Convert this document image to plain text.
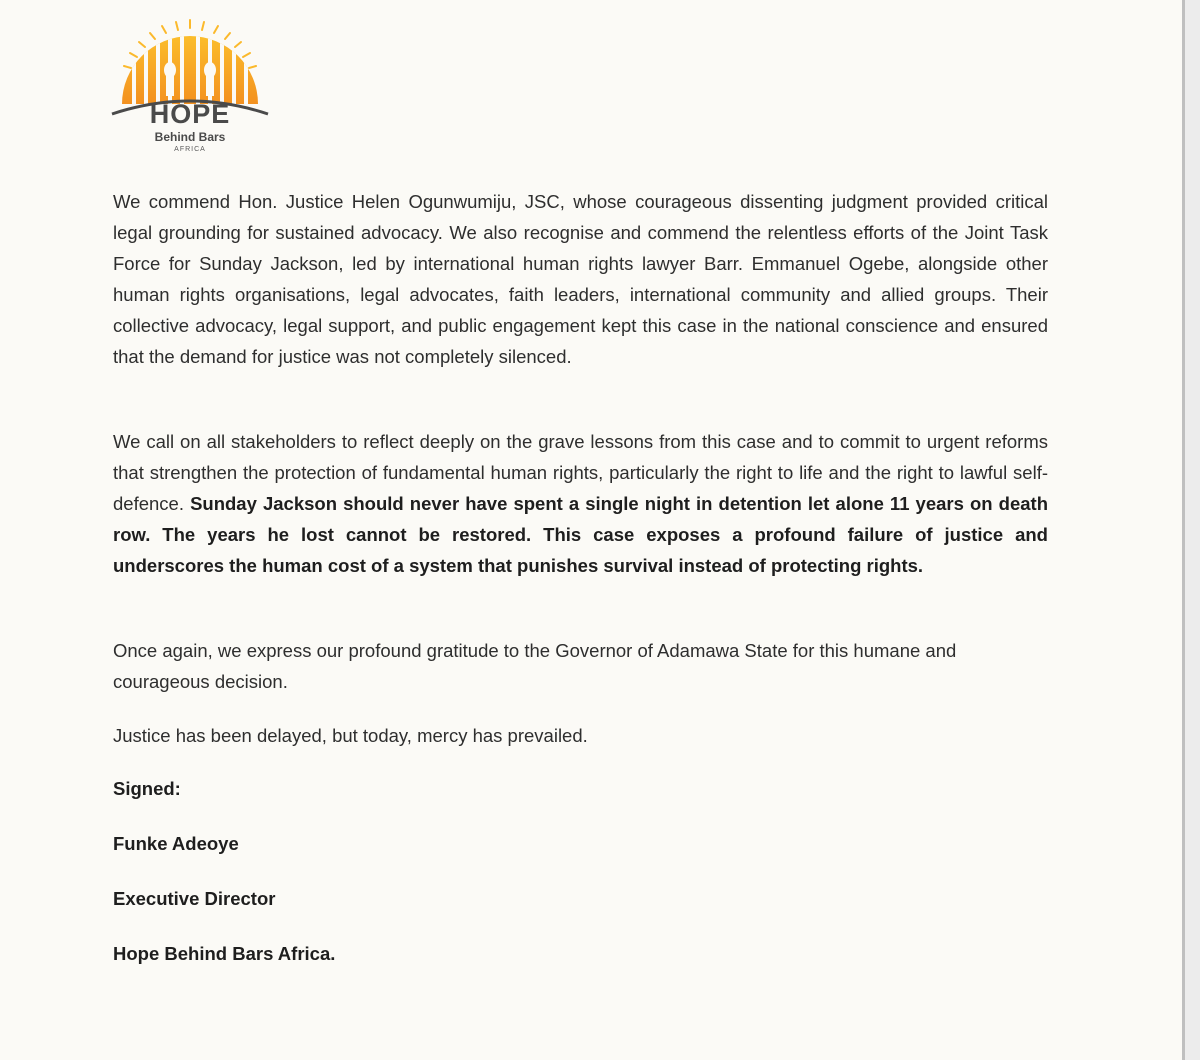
HOPE
Behind Bars
AFRICA

We commend Hon. Justice Helen Ogunwumiju, JSC, whose courageous dissenting judgment provided critical legal grounding for sustained advocacy. We also recognise and commend the relentless efforts of the Joint Task Force for Sunday Jackson, led by international human rights lawyer Barr. Emmanuel Ogebe, alongside other human rights organisations, legal advocates, faith leaders, international community and allied groups. Their collective advocacy, legal support, and public engagement kept this case in the national conscience and ensured that the demand for justice was not completely silenced.

We call on all stakeholders to reflect deeply on the grave lessons from this case and to commit to urgent reforms that strengthen the protection of fundamental human rights, particularly the right to life and the right to lawful self-defence. Sunday Jackson should never have spent a single night in detention let alone 11 years on death row. The years he lost cannot be restored. This case exposes a profound failure of justice and underscores the human cost of a system that punishes survival instead of protecting rights.

Once again, we express our profound gratitude to the Governor of Adamawa State for this humane and courageous decision.

Justice has been delayed, but today, mercy has prevailed.

Signed:

Funke Adeoye

Executive Director

Hope Behind Bars Africa.
